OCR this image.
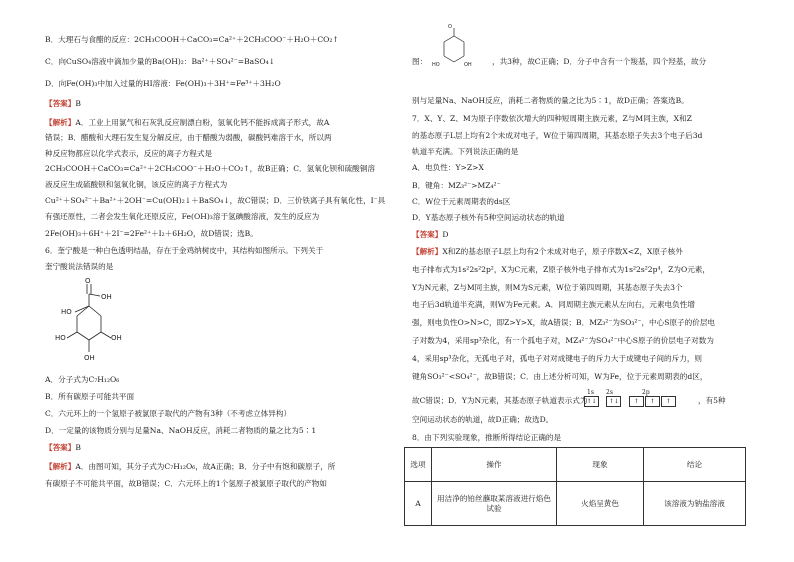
B．大理石与食醋的反应：2CH₃COOH＋CaCO₃=Ca²⁺＋2CH₃COO⁻＋H₂O＋CO₂↑
C．向CuSO₄溶液中滴加少量的Ba(OH)₂：Ba²⁺＋SO₄²⁻=BaSO₄↓
D．向Fe(OH)₃中加入过量的HI溶液：Fe(OH)₃＋3H⁺=Fe³⁺＋3H₂O
【答案】B
【解析】A．工业上用氯气和石灰乳反应制漂白粉，氢氧化钙不能拆成离子形式，故A
错误；B．醋酸和大理石发生复分解反应，由于醋酸为弱酸，碳酸钙难溶于水，所以两
种反应物都应以化学式表示，反应的离子方程式是
2CH₃COOH＋CaCO₃=Ca²⁺＋2CH₃COO⁻＋H₂O＋CO₂↑，故B正确；C．氢氧化钡和硫酸铜溶
液反应生成硫酸钡和氢氧化铜，该反应的离子方程式为
Cu²⁺＋SO₄²⁻＋Ba²⁺＋2OH⁻=Cu(OH)₂↓＋BaSO₄↓，故C错误；D．三价铁离子具有氧化性，I⁻具
有强还原性，二者会发生氧化还原反应，Fe(OH)₃溶于氢碘酸溶液，发生的反应为
2Fe(OH)₃＋6H⁺＋2I⁻=2Fe²⁺＋I₂＋6H₂O，故D错误；选B。
6．奎宁酸是一种白色透明结晶，存在于金鸡纳树皮中，其结构如图所示。下列关于
奎宁酸说法错误的是
O
OH
HO
HO	OH
OH
A．分子式为C₇H₁₂O₆
B．所有碳原子可能共平面
C．六元环上的一个氢原子被氯原子取代的产物有3种（不考虑立体异构）
D．一定量的该物质分别与足量Na、NaOH反应，消耗二者物质的量之比为5∶1
【答案】B
【解析】A．由图可知，其分子式为C₇H₁₂O₆，故A正确；B．分子中有饱和碳原子，所
有碳原子不可能共平面，故B错误；C．六元环上的1个氢原子被氯原子取代的产物如
O
OH
HO
图：	，共3种，故C正确；D．分子中含有一个羧基，四个羟基，故分
别与足量Na、NaOH反应，消耗二者物质的量之比为5∶1，故D正确；答案选B。
7．X、Y、Z、M为原子序数依次增大的四种短周期主族元素，Z与M同主族，X和Z
的基态原子L层上均有2个未成对电子，W位于第四周期，其基态原子失去3个电子后3d
轨道半充满。下列说法正确的是
A．电负性：Y>Z>X
B．键角：MZ₃²⁻>MZ₄²⁻
C．W位于元素周期表的ds区
D．Y基态原子核外有5种空间运动状态的轨道
【答案】D
【解析】X和Z的基态原子L层上均有2个未成对电子，原子序数X<Z，X原子核外
电子排布式为1s²2s²2p²，X为C元素，Z原子核外电子排布式为1s²2s²2p⁴，Z为O元素，
Y为N元素，Z与M同主族，则M为S元素，W位于第四周期，其基态原子失去3个
电子后3d轨道半充满，则W为Fe元素。A．同周期主族元素从左向右，元素电负性增
强，则电负性O>N>C，即Z>Y>X，故A错误；B．MZ₃²⁻为SO₃²⁻，中心S原子的价层电
子对数为4，采用sp³杂化，有一个孤电子对，MZ₄²⁻为SO₄²⁻中心S原子的价层电子对数为
4，采用sp³杂化，无孤电子对，孤电子对对成键电子的斥力大于成键电子间的斥力，则
键角SO₃²⁻<SO₄²⁻，故B错误；C．由上述分析可知，W为Fe，位于元素周期表的d区，
故C错误；D．Y为N元素，其基态原子轨道表示式为
1s 2s	2p
↑↓ ↑↓ ↑ ↑ ↑	，有5种
空间运动状态的轨道，故D正确；故选D。
8．由下列实验现象，推断所得结论正确的是
选项	操作	现象	结论
A	用洁净的铂丝蘸取某溶液进行焰色试验	火焰呈黄色	该溶液为钠盐溶液
